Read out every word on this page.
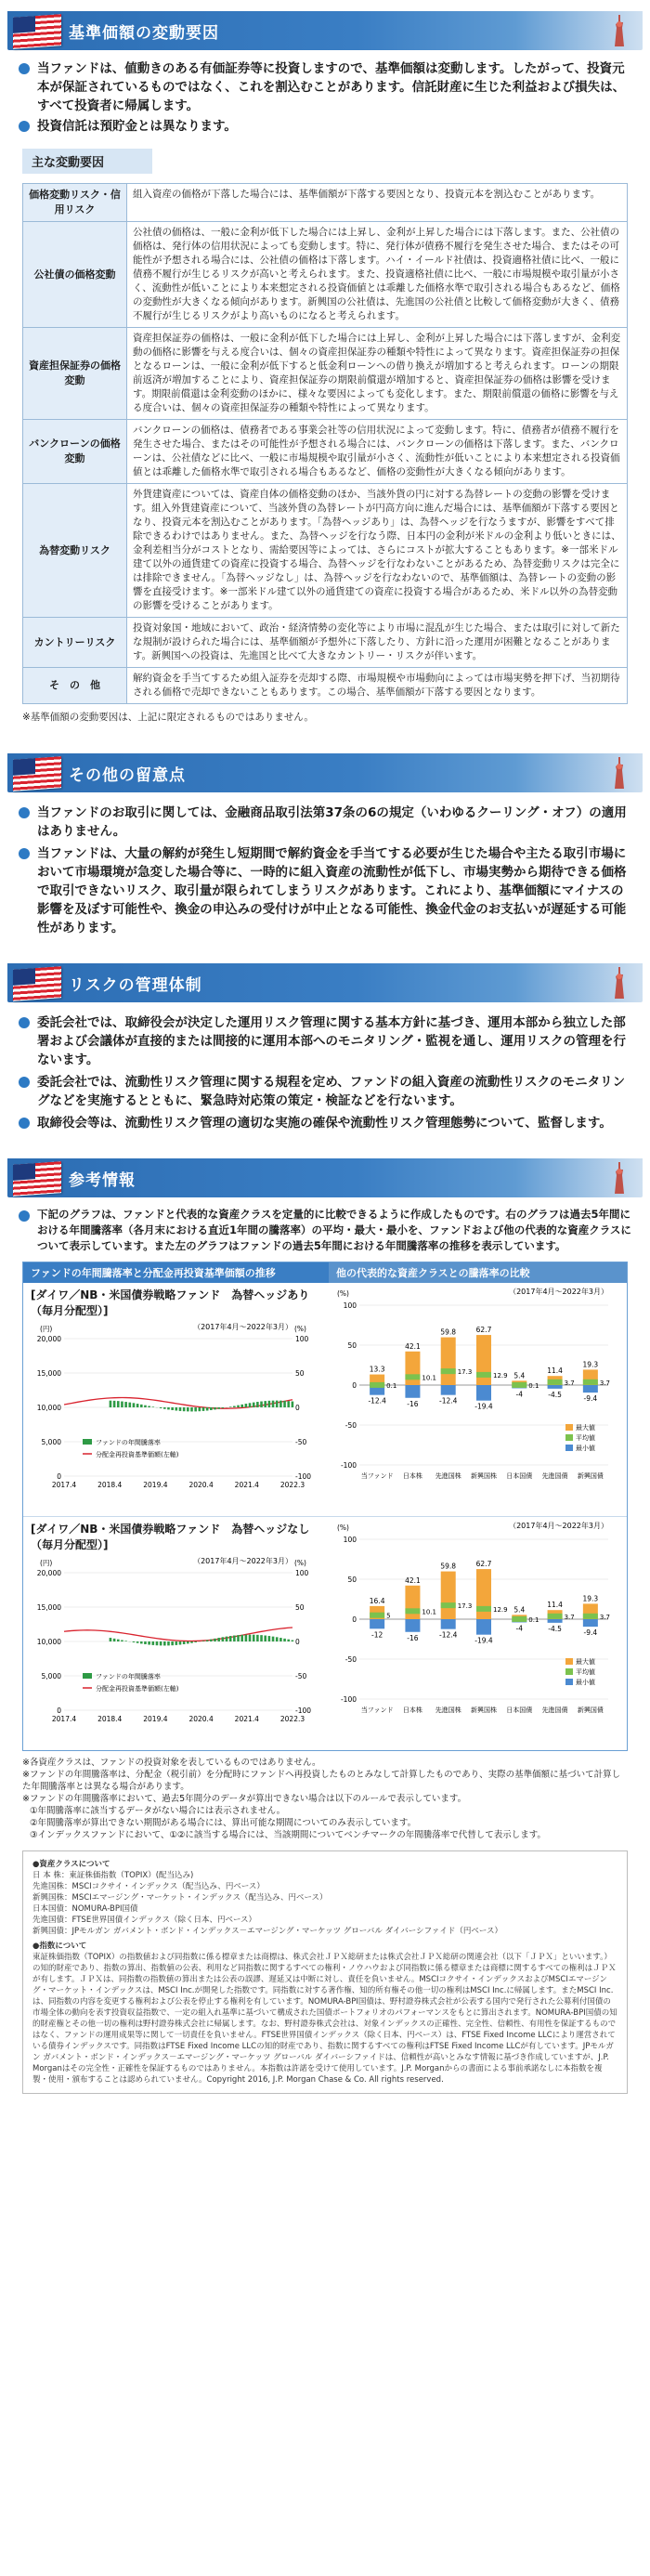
基準価額の変動要因
当ファンドは、値動きのある有価証券等に投資しますので、基準価額は変動します。したがって、投資元本が保証されているものではなく、これを割込むことがあります。信託財産に生じた利益および損失は、すべて投資者に帰属します。
投資信託は預貯金とは異なります。
主な変動要因
価格変動リスク・信用リスク	組入資産の価格が下落した場合には、基準価額が下落する要因となり、投資元本を割込むことがあります。
公社債の価格変動	公社債の価格は、一般に金利が低下した場合には上昇し、金利が上昇した場合には下落します。また、公社債の価格は、発行体の信用状況によっても変動します。特に、発行体が債務不履行を発生させた場合、またはその可能性が予想される場合には、公社債の価格は下落します。ハイ・イールド社債は、投資適格社債に比べ、一般に債務不履行が生じるリスクが高いと考えられます。また、投資適格社債に比べ、一般に市場規模や取引量が小さく、流動性が低いことにより本来想定される投資価値とは乖離した価格水準で取引される場合もあるなど、価格の変動性が大きくなる傾向があります。新興国の公社債は、先進国の公社債と比較して価格変動が大きく、債務不履行が生じるリスクがより高いものになると考えられます。
資産担保証券の価格変動	資産担保証券の価格は、一般に金利が低下した場合には上昇し、金利が上昇した場合には下落しますが、金利変動の価格に影響を与える度合いは、個々の資産担保証券の種類や特性によって異なります。資産担保証券の担保となるローンは、一般に金利が低下すると低金利ローンへの借り換えが増加すると考えられます。ローンの期限前返済が増加することにより、資産担保証券の期限前償還が増加すると、資産担保証券の価格は影響を受けます。期限前償還は金利変動のほかに、様々な要因によっても変化します。また、期限前償還の価格に影響を与える度合いは、個々の資産担保証券の種類や特性によって異なります。
バンクローンの価格変動	バンクローンの価格は、債務者である事業会社等の信用状況によって変動します。特に、債務者が債務不履行を発生させた場合、またはその可能性が予想される場合には、バンクローンの価格は下落します。また、バンクローンは、公社債などに比べ、一般に市場規模や取引量が小さく、流動性が低いことにより本来想定される投資価値とは乖離した価格水準で取引される場合もあるなど、価格の変動性が大きくなる傾向があります。
為替変動リスク	外貨建資産については、資産自体の価格変動のほか、当該外貨の円に対する為替レートの変動の影響を受けます。組入外貨建資産について、当該外貨の為替レートが円高方向に進んだ場合には、基準価額が下落する要因となり、投資元本を割込むことがあります。「為替ヘッジあり」は、為替ヘッジを行なうますが、影響をすべて排除できるわけではありません。また、為替ヘッジを行なう際、日本円の金利が米ドルの金利より低いときには、金利差相当分がコストとなり、需給要因等によっては、さらにコストが拡大することもあります。※一部米ドル建て以外の通貨建ての資産に投資する場合、為替ヘッジを行なわないことがあるため、為替変動リスクは完全には排除できません。「為替ヘッジなし」は、為替ヘッジを行なわないので、基準価額は、為替レートの変動の影響を直接受けます。※一部米ドル建て以外の通貨建ての資産に投資する場合があるため、米ドル以外の為替変動の影響を受けることがあります。
カントリーリスク	投資対象国・地域において、政治・経済情勢の変化等により市場に混乱が生じた場合、または取引に対して新たな規制が設けられた場合には、基準価額が予想外に下落したり、方針に沿った運用が困難となることがあります。新興国への投資は、先進国と比べて大きなカントリー・リスクが伴います。
そ　の　他	解約資金を手当てするため組入証券を売却する際、市場規模や市場動向によっては市場実勢を押下げ、当初期待される価格で売却できないこともあります。この場合、基準価額が下落する要因となります。
※基準価額の変動要因は、上記に限定されるものではありません。
その他の留意点
当ファンドのお取引に関しては、金融商品取引法第37条の6の規定（いわゆるクーリング・オフ）の適用はありません。
当ファンドは、大量の解約が発生し短期間で解約資金を手当てする必要が生じた場合や主たる取引市場において市場環境が急変した場合等に、一時的に組入資産の流動性が低下し、市場実勢から期待できる価格で取引できないリスク、取引量が限られてしまうリスクがあります。これにより、基準価額にマイナスの影響を及ぼす可能性や、換金の申込みの受付けが中止となる可能性、換金代金のお支払いが遅延する可能性があります。
リスクの管理体制
委託会社では、取締役会が決定した運用リスク管理に関する基本方針に基づき、運用本部から独立した部署および会議体が直接的または間接的に運用本部へのモニタリング・監視を通し、運用リスクの管理を行ないます。
委託会社では、流動性リスク管理に関する規程を定め、ファンドの組入資産の流動性リスクのモニタリングなどを実施するとともに、緊急時対応策の策定・検証などを行ないます。
取締役会等は、流動性リスク管理の適切な実施の確保や流動性リスク管理態勢について、監督します。
参考情報
下記のグラフは、ファンドと代表的な資産クラスを定量的に比較できるように作成したものです。右のグラフは過去5年間における年間騰落率（各月末における直近1年間の騰落率）の平均・最大・最小を、ファンドおよび他の代表的な資産クラスについて表示しています。また左のグラフはファンドの過去5年間における年間騰落率の推移を表示しています。
ファンドの年間騰落率と分配金再投資基準価額の推移	他の代表的な資産クラスとの騰落率の比較
[ダイワ／NB・米国債券戦略ファンド　為替ヘッジあり（毎月分配型）]
（2017年4月～2022年3月）
0
5,000
10,000
15,000
20,000
-100
-50
0
50
100
(円)	(%)
2017.4	2018.4	2019.4	2020.4	2021.4	2022.3
ファンドの年間騰落率
分配金再投資基準価額(左軸)
（2017年4月～2022年3月）
-100
-50
0
50
100
(%)
13.3
0.1
-12.4
当ファンド
42.1
10.1
-16
日本株
59.8
17.3
-12.4
先進国株
62.7
12.9
-19.4
新興国株
5.4
0.1
-4
日本国債
11.4
3.7
-4.5
先進国債
19.3
3.7
-9.4
新興国債
最大値
平均値
最小値
[ダイワ／NB・米国債券戦略ファンド　為替ヘッジなし（毎月分配型）]
（2017年4月～2022年3月）
0
5,000
10,000
15,000
20,000
-100
-50
0
50
100
(円)	(%)
2017.4	2018.4	2019.4	2020.4	2021.4	2022.3
ファンドの年間騰落率
分配金再投資基準価額(左軸)
（2017年4月～2022年3月）
-100
-50
0
50
100
(%)
16.4
5
-12
当ファンド
42.1
10.1
-16
日本株
59.8
17.3
-12.4
先進国株
62.7
12.9
-19.4
新興国株
5.4
0.1
-4
日本国債
11.4
3.7
-4.5
先進国債
19.3
3.7
-9.4
新興国債
最大値
平均値
最小値
※各資産クラスは、ファンドの投資対象を表しているものではありません。
※ファンドの年間騰落率は、分配金（税引前）を分配時にファンドへ再投資したものとみなして計算したものであり、実際の基準価額に基づいて計算した年間騰落率とは異なる場合があります。
※ファンドの年間騰落率において、過去5年間分のデータが算出できない場合は以下のルールで表示しています。
①年間騰落率に該当するデータがない場合には表示されません。
②年間騰落率が算出できない期間がある場合には、算出可能な期間についてのみ表示しています。
③インデックスファンドにおいて、①②に該当する場合には、当該期間についてベンチマークの年間騰落率で代替して表示します。
●資産クラスについて
日 本 株：東証株価指数（TOPIX）(配当込み)
先進国株：MSCIコクサイ・インデックス（配当込み、円ベース）
新興国株：MSCIエマージング・マーケット・インデックス（配当込み、円ベース）
日本国債：NOMURA-BPI国債
先進国債：FTSE世界国債インデックス（除く日本、円ベース）
新興国債：JPモルガン ガバメント・ボンド・インデックス－エマージング・マーケッツ グローバル ダイバーシファイド（円ベース）
●指数について
東証株価指数（TOPIX）の指数値および同指数に係る標章または商標は、株式会社ＪＰＸ総研または株式会社ＪＰＸ総研の関連会社（以下「ＪＰＸ」といいます。）の知的財産であり、指数の算出、指数値の公表、利用など同指数に関するすべての権利・ノウハウおよび同指数に係る標章または商標に関するすべての権利はＪＰＸが有します。ＪＰＸは、同指数の指数値の算出または公表の誤謬、遅延又は中断に対し、責任を負いません。MSCIコクサイ・インデックスおよびMSCIエマージング・マーケット・インデックスは、MSCI Inc.が開発した指数です。同指数に対する著作権、知的所有権その他一切の権利はMSCI Inc.に帰属します。またMSCI Inc.は、同指数の内容を変更する権利および公表を停止する権利を有しています。NOMURA-BPI国債は、野村證券株式会社が公表する国内で発行された公募利付国債の市場全体の動向を表す投資収益指数で、一定の組入れ基準に基づいて構成された国債ポートフォリオのパフォーマンスをもとに算出されます。NOMURA-BPI国債の知的財産権とその他一切の権利は野村證券株式会社に帰属します。なお、野村證券株式会社は、対象インデックスの正確性、完全性、信頼性、有用性を保証するものではなく、ファンドの運用成果等に関して一切責任を負いません。FTSE世界国債インデックス（除く日本、円ベース）は、FTSE Fixed Income LLCにより運営されている債券インデックスです。同指数はFTSE Fixed Income LLCの知的財産であり、指数に関するすべての権利はFTSE Fixed Income LLCが有しています。JPモルガン ガバメント・ボンド・インデックス－エマージング・マーケッツ グローバル ダイバーシファイドは、信頼性が高いとみなす情報に基づき作成していますが、J.P. Morganはその完全性・正確性を保証するものではありません。本指数は許諾を受けて使用しています。J.P. Morganからの書面による事前承諾なしに本指数を複製・使用・頒布することは認められていません。Copyright 2016, J.P. Morgan Chase & Co. All rights reserved.
